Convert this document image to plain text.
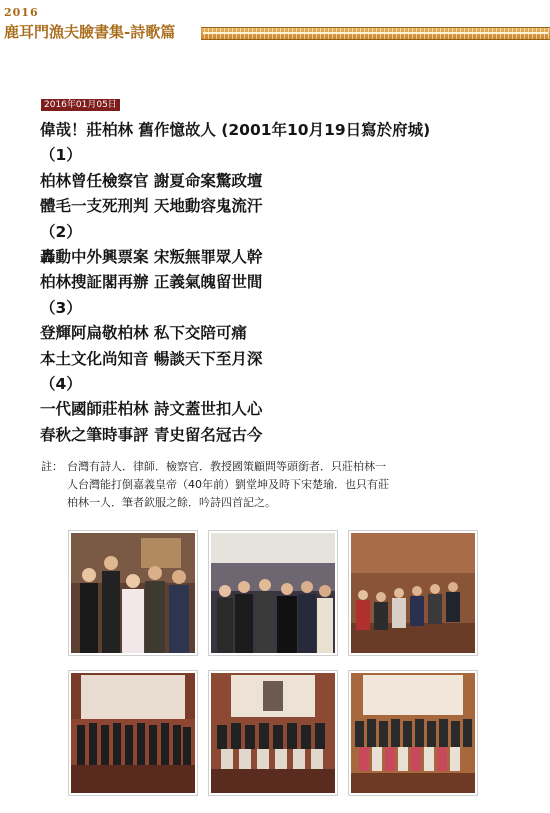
2016
鹿耳門漁夫臉書集-詩歌篇
2016年01月05日
偉哉！莊柏林 舊作憶故人 (2001年10月19日寫於府城)
（1）
柏林曾任檢察官 謝夏命案驚政壇
體毛一支死刑判 天地動容鬼流汗
（2）
轟動中外興票案 宋叛無罪眾人幹
柏林搜証閣再辦 正義氣魄留世間
（3）
登輝阿扁敬柏林 私下交陪可痛
本土文化尚知音 暢談天下至月深
（4）
一代國師莊柏林 詩文蓋世扣人心
春秋之筆時事評 青史留名冠古今
註： 台灣有詩人．律師．檢察官．教授國策顧問等頭銜者．只莊柏林一
人台灣能打倒嘉義皇帝（40年前）劉堂坤及時下宋楚瑜．也只有莊
柏林一人．筆者欽服之餘．吟詩四首記之。
